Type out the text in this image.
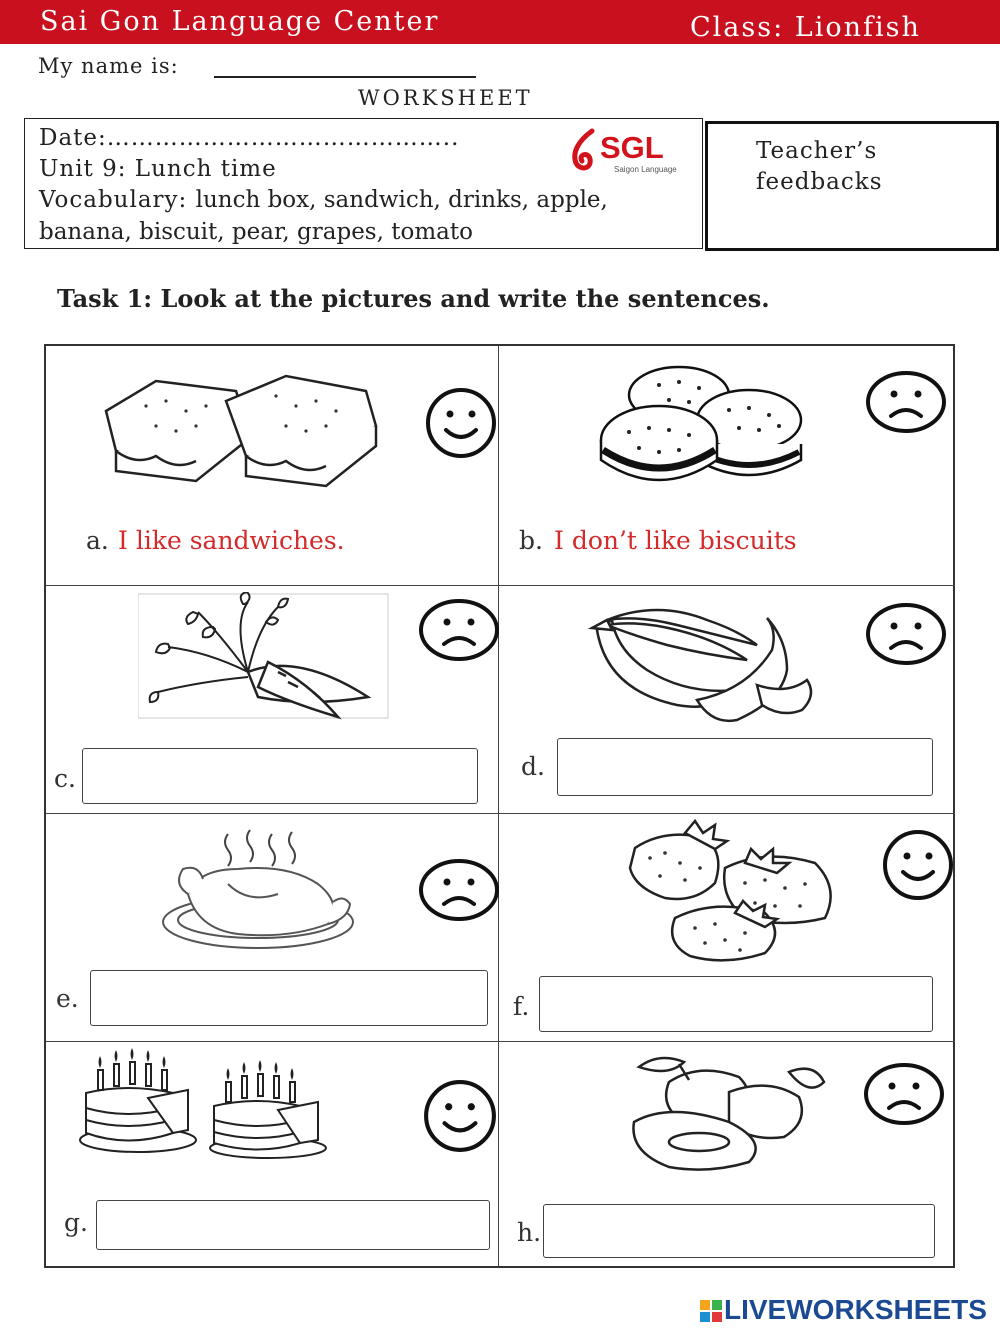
Sai Gon Language Center	Class: Lionfish
My name is:
WORKSHEET
Date:……………………………………..
Unit 9: Lunch time
Vocabulary: lunch box, sandwich, drinks, apple,
banana, biscuit, pear, grapes, tomato
SGL
Saigon Language
Teacher’s feedbacks
Task 1: Look at the pictures and write the sentences.
a. I like sandwiches.	b. I don’t like biscuits
c.	d.
e.	f.
g.	h.
LIVEWORKSHEETS
